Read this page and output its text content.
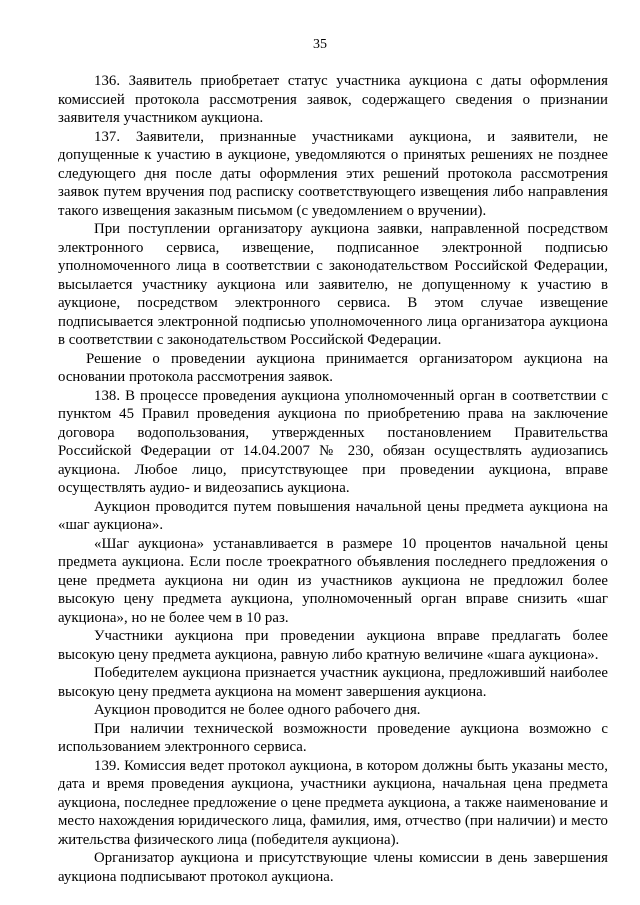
35

136. Заявитель приобретает статус участника аукциона с даты оформления комиссией протокола рассмотрения заявок, содержащего сведения о признании заявителя участником аукциона.

137. Заявители, признанные участниками аукциона, и заявители, не допущенные к участию в аукционе, уведомляются о принятых решениях не позднее следующего дня после даты оформления этих решений протокола рассмотрения заявок путем вручения под расписку соответствующего извещения либо направления такого извещения заказным письмом (с уведомлением о вручении).

При поступлении организатору аукциона заявки, направленной посредством электронного сервиса, извещение, подписанное электронной подписью уполномоченного лица в соответствии с законодательством Российской Федерации, высылается участнику аукциона или заявителю, не допущенному к участию в аукционе, посредством электронного сервиса. В этом случае извещение подписывается электронной подписью уполномоченного лица организатора аукциона в соответствии с законодательством Российской Федерации.

Решение о проведении аукциона принимается организатором аукциона на основании протокола рассмотрения заявок.

138. В процессе проведения аукциона уполномоченный орган в соответствии с пунктом 45 Правил проведения аукциона по приобретению права на заключение договора водопользования, утвержденных постановлением Правительства Российской Федерации от 14.04.2007 № 230, обязан осуществлять аудиозапись аукциона. Любое лицо, присутствующее при проведении аукциона, вправе осуществлять аудио- и видеозапись аукциона.

Аукцион проводится путем повышения начальной цены предмета аукциона на «шаг аукциона».

«Шаг аукциона» устанавливается в размере 10 процентов начальной цены предмета аукциона. Если после троекратного объявления последнего предложения о цене предмета аукциона ни один из участников аукциона не предложил более высокую цену предмета аукциона, уполномоченный орган вправе снизить «шаг аукциона», но не более чем в 10 раз.

Участники аукциона при проведении аукциона вправе предлагать более высокую цену предмета аукциона, равную либо кратную величине «шага аукциона».

Победителем аукциона признается участник аукциона, предложивший наиболее высокую цену предмета аукциона на момент завершения аукциона.

Аукцион проводится не более одного рабочего дня.

При наличии технической возможности проведение аукциона возможно с использованием электронного сервиса.

139. Комиссия ведет протокол аукциона, в котором должны быть указаны место, дата и время проведения аукциона, участники аукциона, начальная цена предмета аукциона, последнее предложение о цене предмета аукциона, а также наименование и место нахождения юридического лица, фамилия, имя, отчество (при наличии) и место жительства физического лица (победителя аукциона).

Организатор аукциона и присутствующие члены комиссии в день завершения аукциона подписывают протокол аукциона.
